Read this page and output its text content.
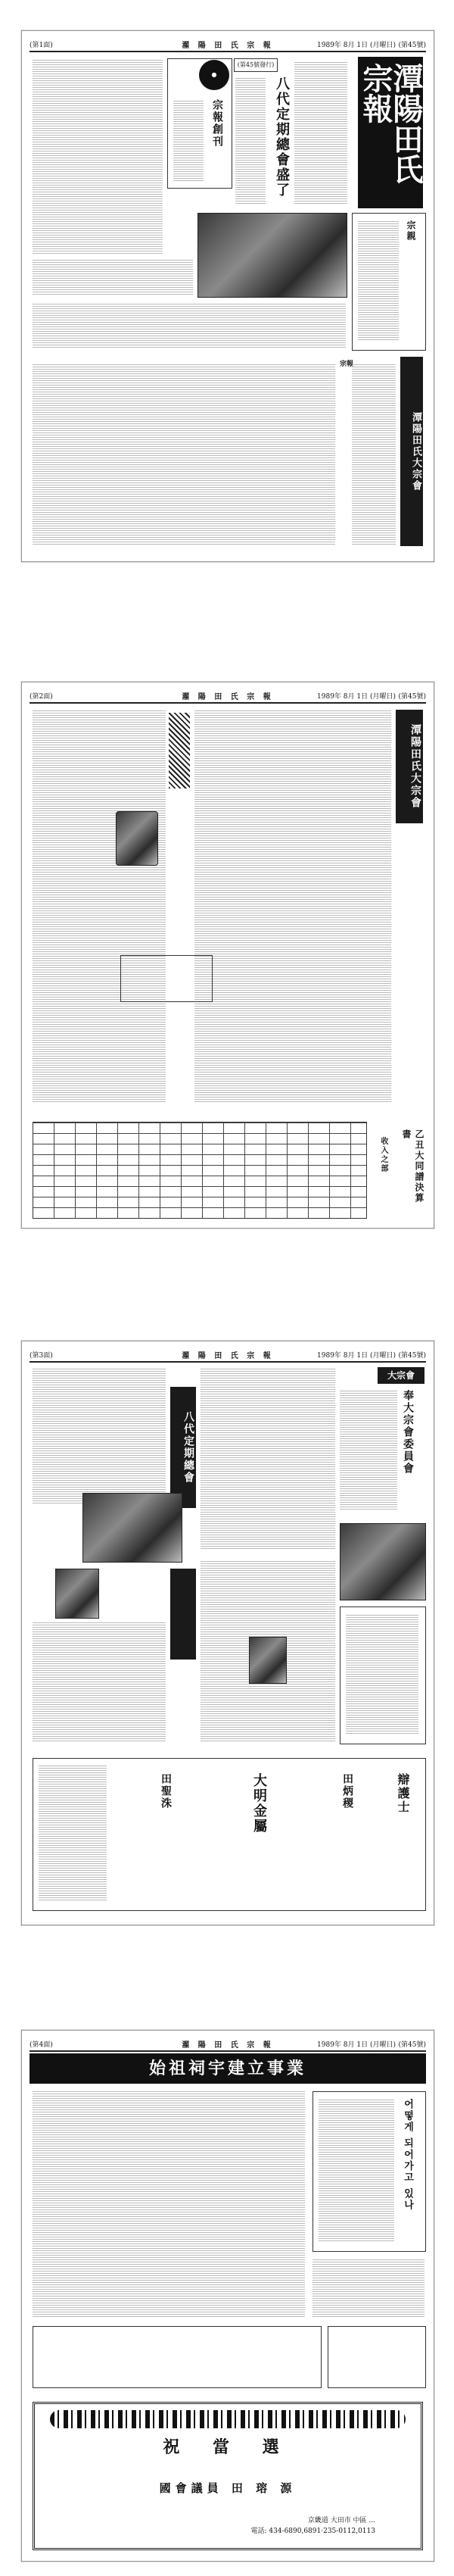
(第1面)	濯 陽 田 氏 宗 報	1989年 8月 1日 (月曜日) (第45號)
潭陽田氏宗報
●
(第45號發行)
八代定期總會盛了
宗報創刊
宗親
宗報
潭陽田氏大宗會
(第2面)	濯 陽 田 氏 宗 報	1989年 8月 1日 (月曜日) (第45號)
潭陽田氏大宗會
乙丑大同譜決算書
收入之部
(第3面)	濯 陽 田 氏 宗 報	1989年 8月 1日 (月曜日) (第45號)
大宗會
奉大宗會委員會
八代定期總會
田聖洙	大明金屬	田炳稷	辯護士
(第4面)	濯 陽 田 氏 宗 報	1989年 8月 1日 (月曜日) (第45號)
始祖祠宇建立事業
어떻게 되어가고 있나
祝 當 選
國會議員 田 瑢 源
京畿道 大田市 中區 ...
電話: 434-6890,6891·235-0112,0113
